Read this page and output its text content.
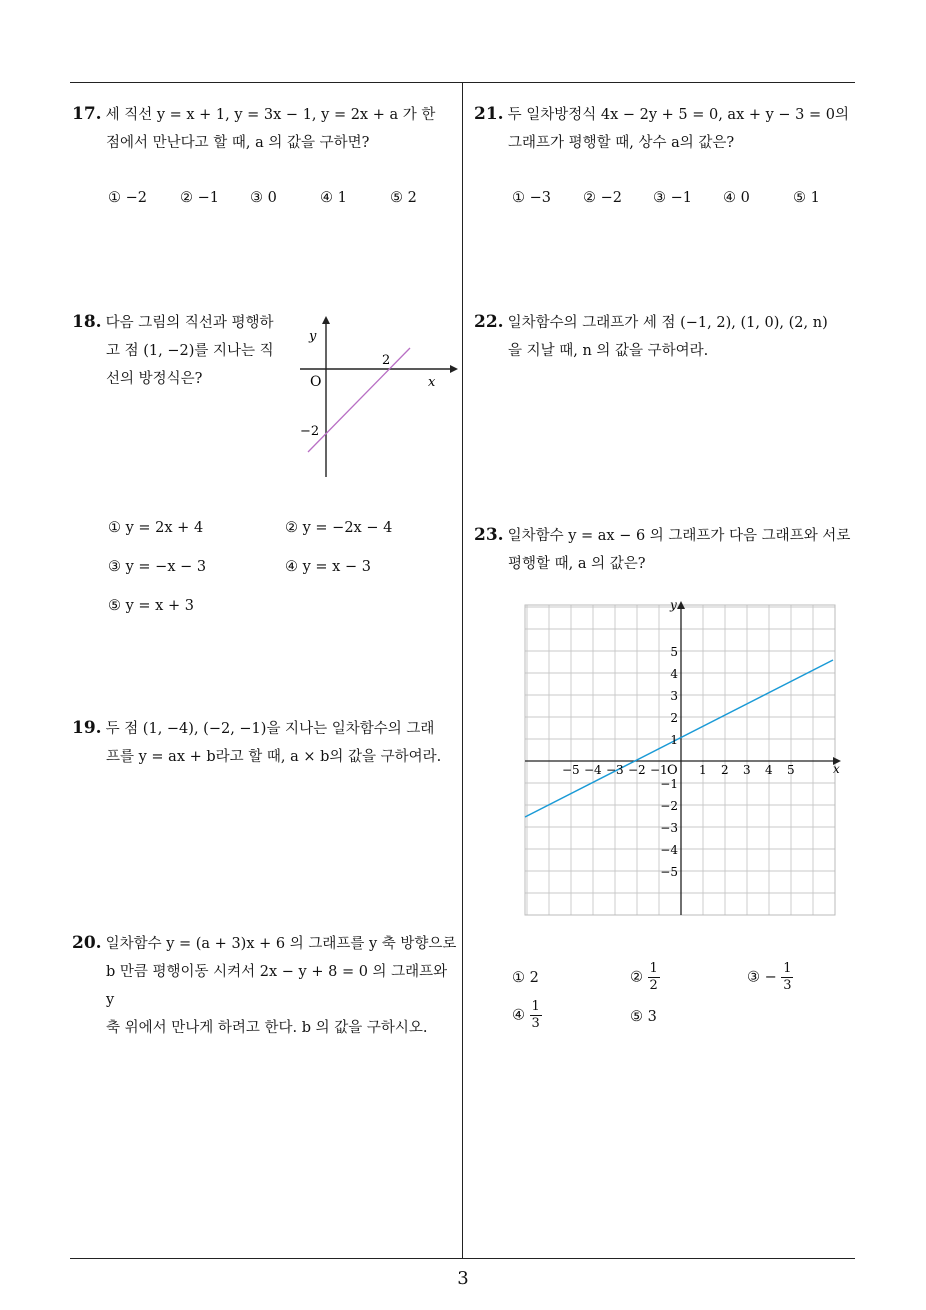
17. 세 직선 y = x + 1, y = 3x − 1, y = 2x + a 가 한
점에서 만난다고 할 때, a 의 값을 구하면?
① −2 ② −1 ③ 0	④ 1	⑤ 2
18. 다음 그림의 직선과 평행하
고 점 (1, −2)를 지나는 직
선의 방정식은?
y
x
O
2
−2
① y = 2x + 4	② y = −2x − 4
③ y = −x − 3	④ y = x − 3
⑤ y = x + 3
19. 두 점 (1, −4), (−2, −1)을 지나는 일차함수의 그래
프를 y = ax + b라고 할 때, a × b의 값을 구하여라.
20. 일차함수 y = (a + 3)x + 6 의 그래프를 y 축 방향으로
b 만큼 평행이동 시켜서 2x − y + 8 = 0 의 그래프와 y
축 위에서 만나게 하려고 한다. b 의 값을 구하시오.
21. 두 일차방정식 4x − 2y + 5 = 0, ax + y − 3 = 0의
그래프가 평행할 때, 상수 a의 값은?
① −3 ② −2 ③ −1 ④ 0	⑤ 1
22. 일차함수의 그래프가 세 점 (−1, 2), (1, 0), (2, n)
을 지날 때, n 의 값을 구하여라.
23. 일차함수 y = ax − 6 의 그래프가 다음 그래프와 서로
평행할 때, a 의 값은?
x
y
O
−5 −4 −3 −2 −1	1 2 3 4 5
5
4
3
2
1
−1
−2
−3
−4
−5
① 2	② $\frac{1}{2}$	③ − $\frac{1}{3}$
④ $\frac{1}{3}$	⑤ 3
3
